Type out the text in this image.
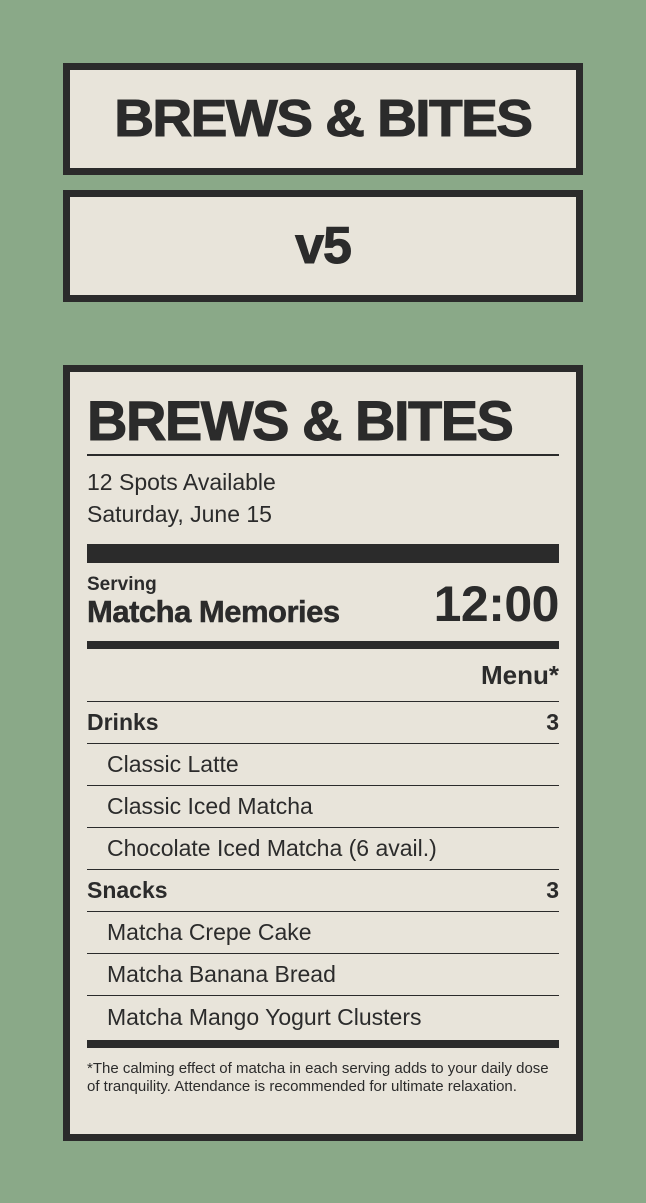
BREWS & BITES
v5
BREWS & BITES
12 Spots Available
Saturday, June 15
Serving
Matcha Memories 12:00
Menu*
Drinks	3
Classic Latte
Classic Iced Matcha
Chocolate Iced Matcha (6 avail.)
Snacks	3
Matcha Crepe Cake
Matcha Banana Bread
Matcha Mango Yogurt Clusters
*The calming effect of matcha in each serving adds to your daily dose of tranquility. Attendance is recommended for ultimate relaxation.
